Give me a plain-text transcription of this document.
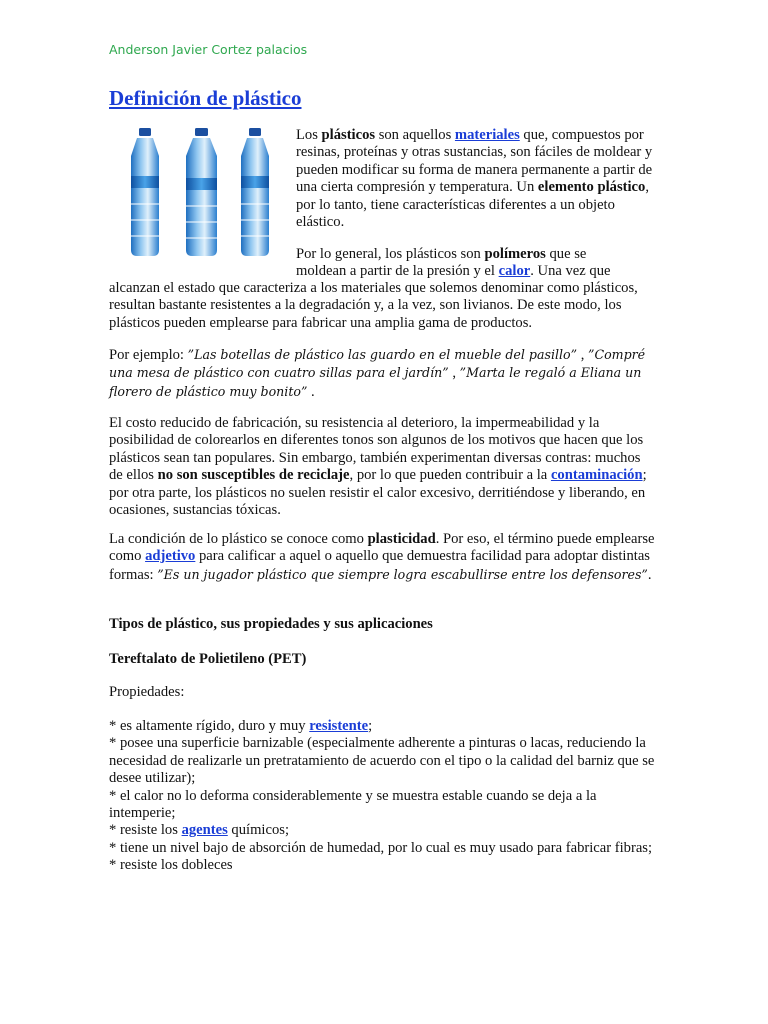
Anderson Javier Cortez palacios
Definición de plástico
Los plásticos son aquellos materiales que, compuestos por resinas, proteínas y otras sustancias, son fáciles de moldear y pueden modificar su forma de manera permanente a partir de una cierta compresión y temperatura. Un elemento plástico, por lo tanto, tiene características diferentes a un objeto elástico.
Por lo general, los plásticos son polímeros que se
moldean a partir de la presión y el calor. Una vez que
alcanzan el estado que caracteriza a los materiales que solemos denominar como plásticos, resultan bastante resistentes a la degradación y, a la vez, son livianos. De este modo, los plásticos pueden emplearse para fabricar una amplia gama de productos.
Por ejemplo: ”Las botellas de plástico las guardo en el mueble del pasillo” , ”Compré una mesa de plástico con cuatro sillas para el jardín” , ”Marta le regaló a Eliana un florero de plástico muy bonito” .
El costo reducido de fabricación, su resistencia al deterioro, la impermeabilidad y la posibilidad de colorearlos en diferentes tonos son algunos de los motivos que hacen que los plásticos sean tan populares. Sin embargo, también experimentan diversas contras: muchos de ellos no son susceptibles de reciclaje, por lo que pueden contribuir a la contaminación; por otra parte, los plásticos no suelen resistir el calor excesivo, derritiéndose y liberando, en ocasiones, sustancias tóxicas.
La condición de lo plástico se conoce como plasticidad. Por eso, el término puede emplearse como adjetivo para calificar a aquel o aquello que demuestra facilidad para adoptar distintas formas: ”Es un jugador plástico que siempre logra escabullirse entre los defensores”.
Tipos de plástico, sus propiedades y sus aplicaciones
Tereftalato de Polietileno (PET)
Propiedades:
* es altamente rígido, duro y muy resistente;
* posee una superficie barnizable (especialmente adherente a pinturas o lacas, reduciendo la necesidad de realizarle un pretratamiento de acuerdo con el tipo o la calidad del barniz que se desee utilizar);
* el calor no lo deforma considerablemente y se muestra estable cuando se deja a la intemperie;
* resiste los agentes químicos;
* tiene un nivel bajo de absorción de humedad, por lo cual es muy usado para fabricar fibras;
* resiste los dobleces
